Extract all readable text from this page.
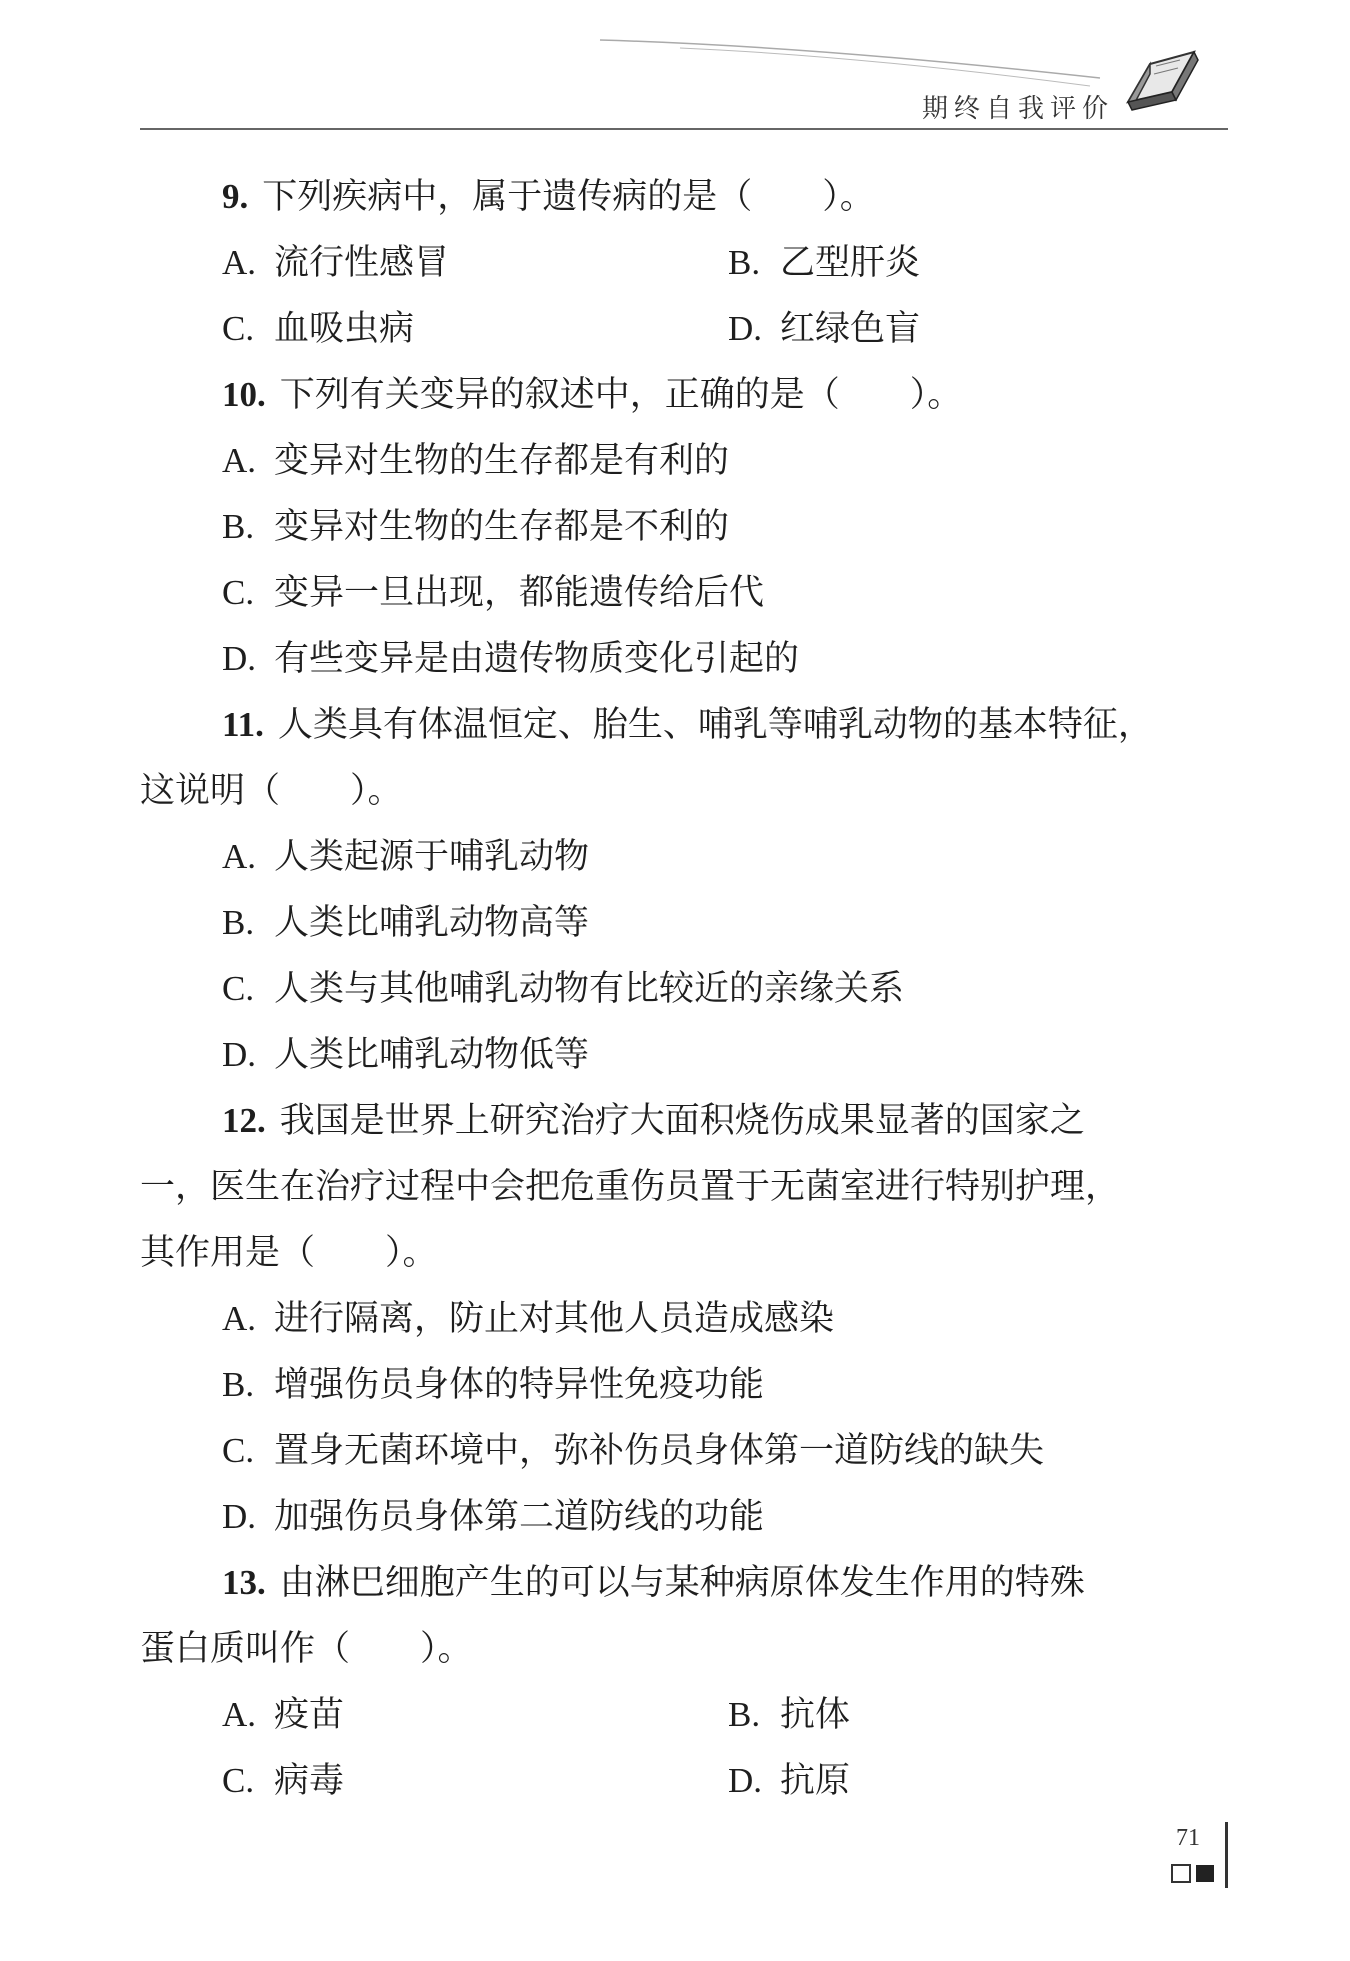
期终自我评价
9. 下列疾病中，属于遗传病的是（　　）。
A. 流行性感冒	B. 乙型肝炎
C. 血吸虫病	D. 红绿色盲
10. 下列有关变异的叙述中，正确的是（　　）。
A. 变异对生物的生存都是有利的
B. 变异对生物的生存都是不利的
C. 变异一旦出现，都能遗传给后代
D. 有些变异是由遗传物质变化引起的
11. 人类具有体温恒定、胎生、哺乳等哺乳动物的基本特征，
这说明（　　）。
A. 人类起源于哺乳动物
B. 人类比哺乳动物高等
C. 人类与其他哺乳动物有比较近的亲缘关系
D. 人类比哺乳动物低等
12. 我国是世界上研究治疗大面积烧伤成果显著的国家之
一，医生在治疗过程中会把危重伤员置于无菌室进行特别护理，
其作用是（　　）。
A. 进行隔离，防止对其他人员造成感染
B. 增强伤员身体的特异性免疫功能
C. 置身无菌环境中，弥补伤员身体第一道防线的缺失
D. 加强伤员身体第二道防线的功能
13. 由淋巴细胞产生的可以与某种病原体发生作用的特殊
蛋白质叫作（　　）。
A. 疫苗	B. 抗体
C. 病毒	D. 抗原
71
